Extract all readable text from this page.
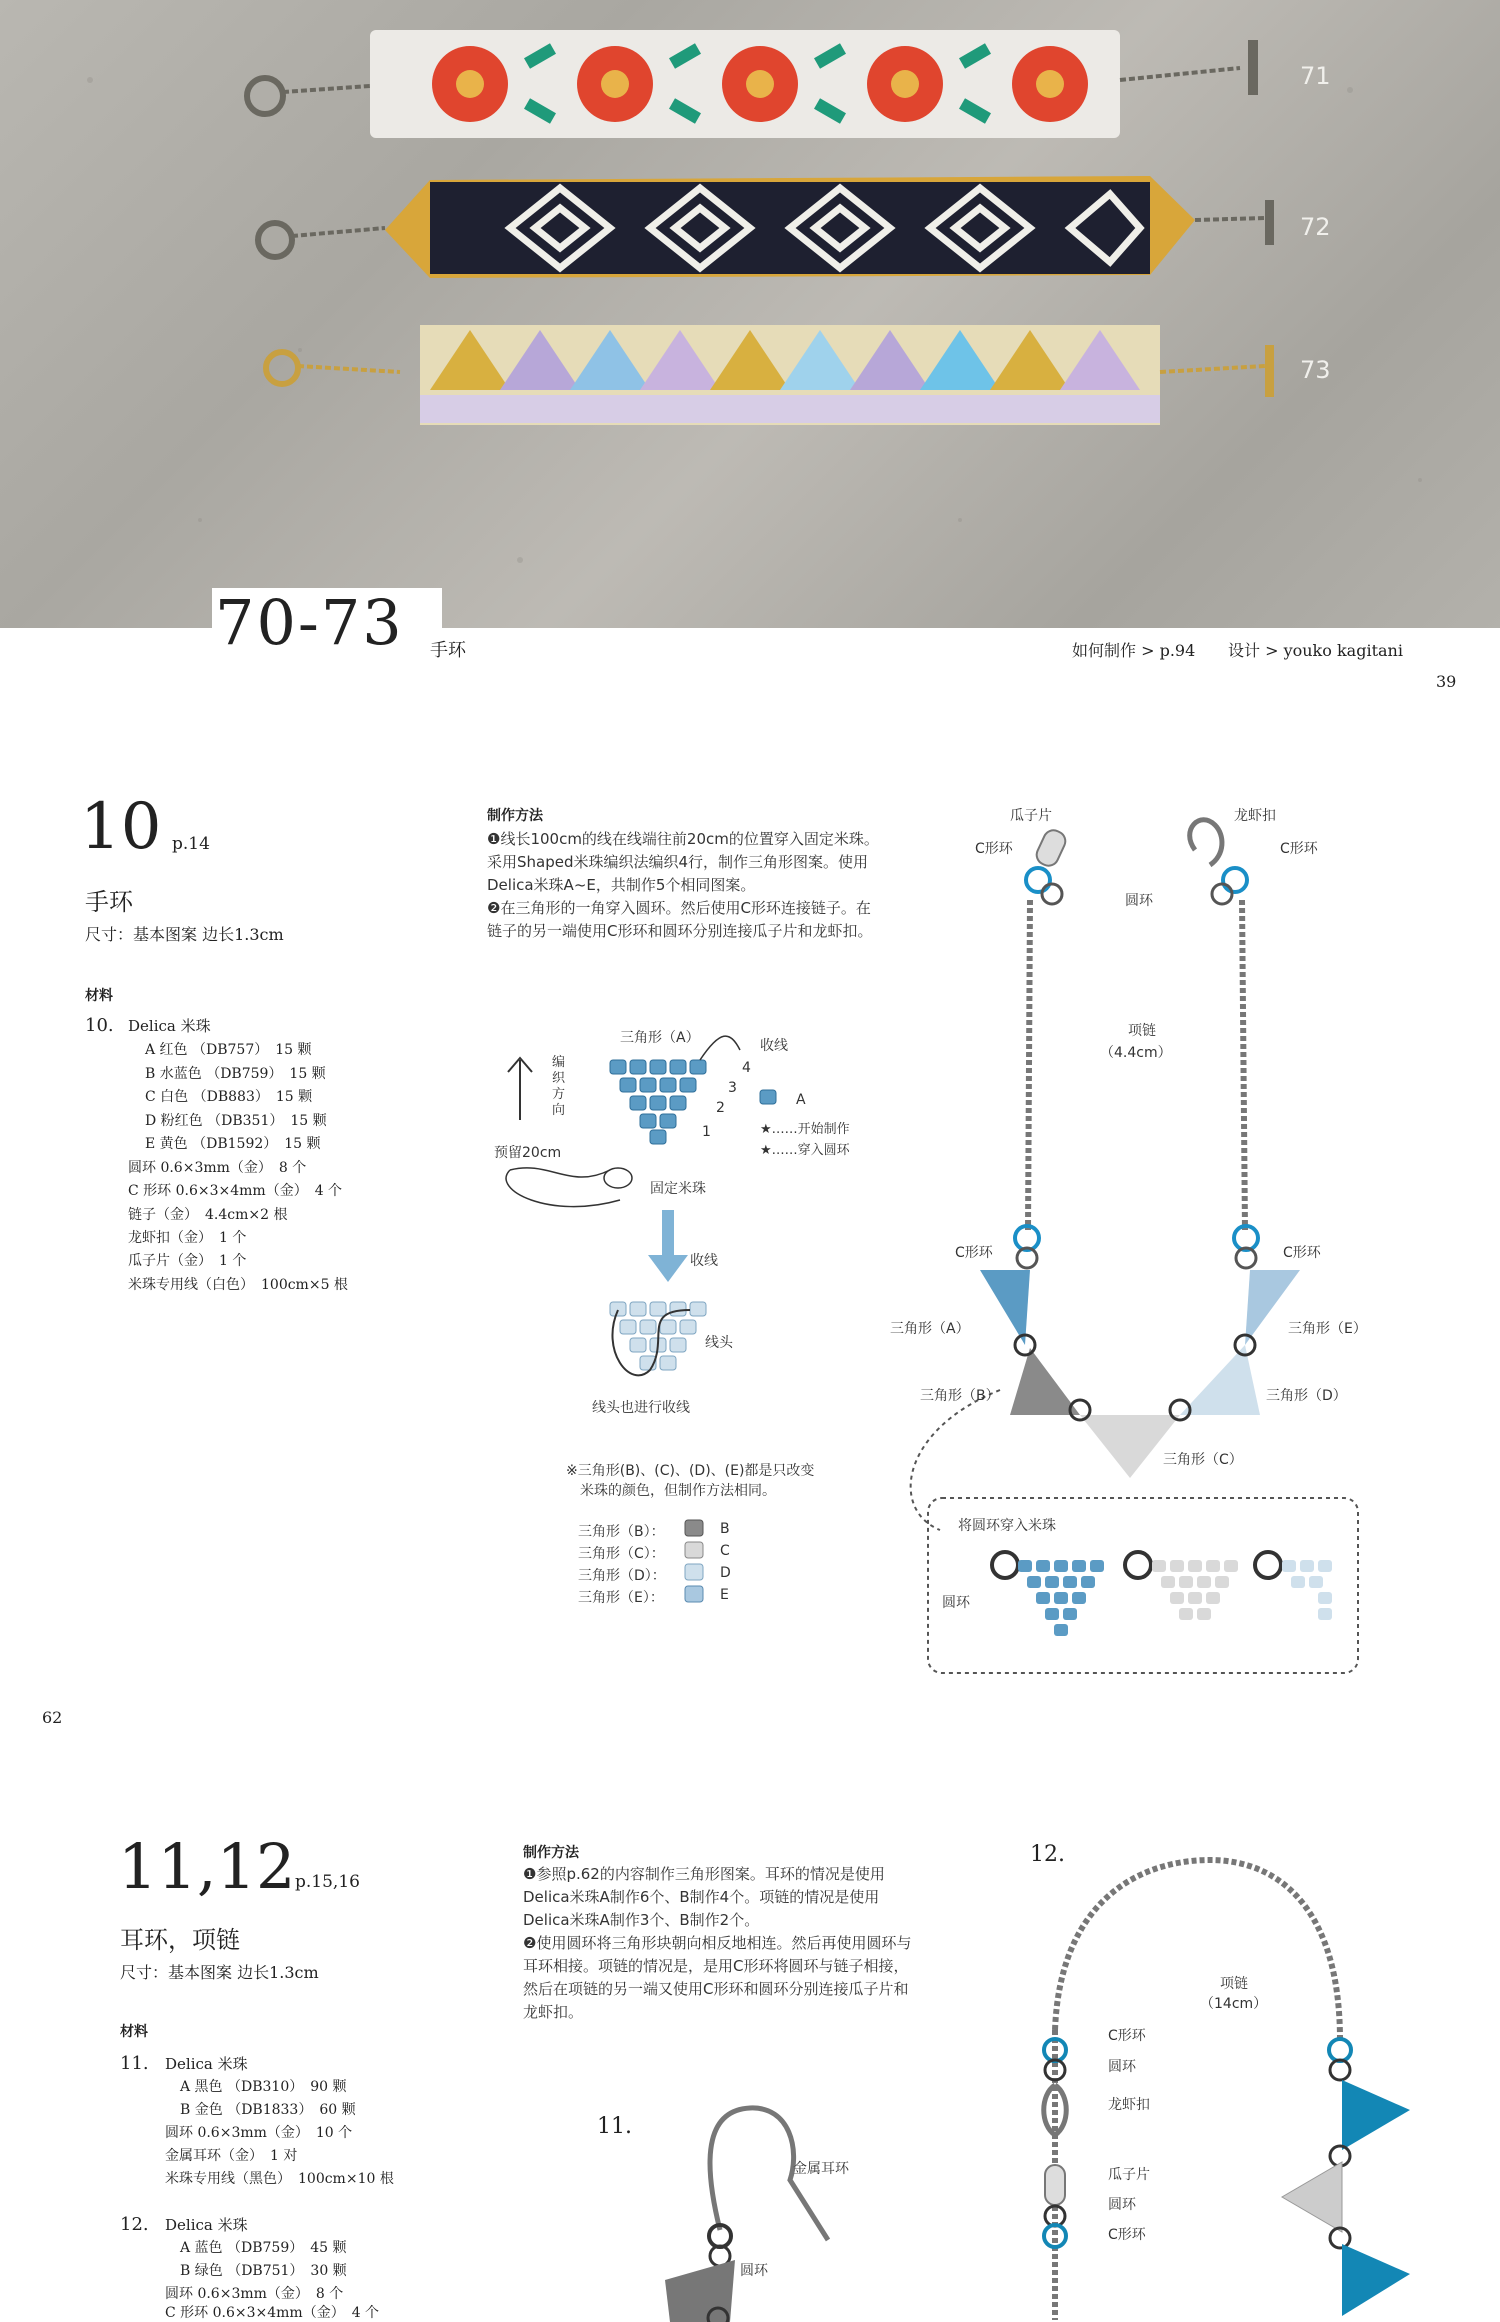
71
72
73
70-73 手环	如何制作 > p.94 设计 > youko kagitani
39
10 p.14
手环
尺寸：基本图案 边长1.3cm
材料
10. Delica 米珠
A 红色 （DB757）　15 颗
B 水蓝色 （DB759）　15 颗
C 白色 （DB883）　15 颗
D 粉红色 （DB351）　15 颗
E 黄色 （DB1592）　15 颗
圆环 0.6×3mm（金）　8 个
C 形环 0.6×3×4mm（金）　4 个
链子（金）　4.4cm×2 根
龙虾扣（金）　1 个
瓜子片（金）　1 个
米珠专用线（白色）　100cm×5 根
制作方法
❶线长100cm的线在线端往前20cm的位置穿入固定米珠。
采用Shaped米珠编织法编织4行，制作三角形图案。使用
Delica米珠A~E，共制作5个相同图案。
❷在三角形的一角穿入圆环。然后使用C形环连接链子。在
链子的另一端使用C形环和圆环分别连接瓜子片和龙虾扣。
三角形（A）	收线
4
3
2
1
A
★……开始制作
★……穿入圆环
编织方向
预留20cm
固定米珠
收线
线头
线头也进行收线
※三角形(B)、(C)、(D)、(E)都是只改变
米珠的颜色，但制作方法相同。
三角形（B）：	B
三角形（C）：	C
三角形（D）：	D
三角形（E）：	E
瓜子片	龙虾扣
C形环	C形环
圆环
项链
（4.4cm）
C形环	C形环
三角形（A）	三角形（E）
三角形（B）	三角形（D）
三角形（C）
将圆环穿入米珠
圆环
62
11,12 p.15,16
耳环，项链
尺寸：基本图案 边长1.3cm
材料
11. Delica 米珠
A 黑色 （DB310）　90 颗
B 金色 （DB1833）　60 颗
圆环 0.6×3mm（金）　10 个
金属耳环（金）　1 对
米珠专用线（黑色）　100cm×10 根
12. Delica 米珠
A 蓝色 （DB759）　45 颗
B 绿色 （DB751）　30 颗
圆环 0.6×3mm（金）　8 个
C 形环 0.6×3×4mm（金）　4 个
制作方法
❶参照p.62的内容制作三角形图案。耳环的情况是使用
Delica米珠A制作6个、B制作4个。项链的情况是使用
Delica米珠A制作3个、B制作2个。
❷使用圆环将三角形块朝向相反地相连。然后再使用圆环与
耳环相接。项链的情况是，是用C形环将圆环与链子相接，
然后在项链的另一端又使用C形环和圆环分别连接瓜子片和
龙虾扣。
11.
金属耳环
圆环
12.
项链
（14cm）
C形环
圆环
龙虾扣
瓜子片
圆环
C形环
